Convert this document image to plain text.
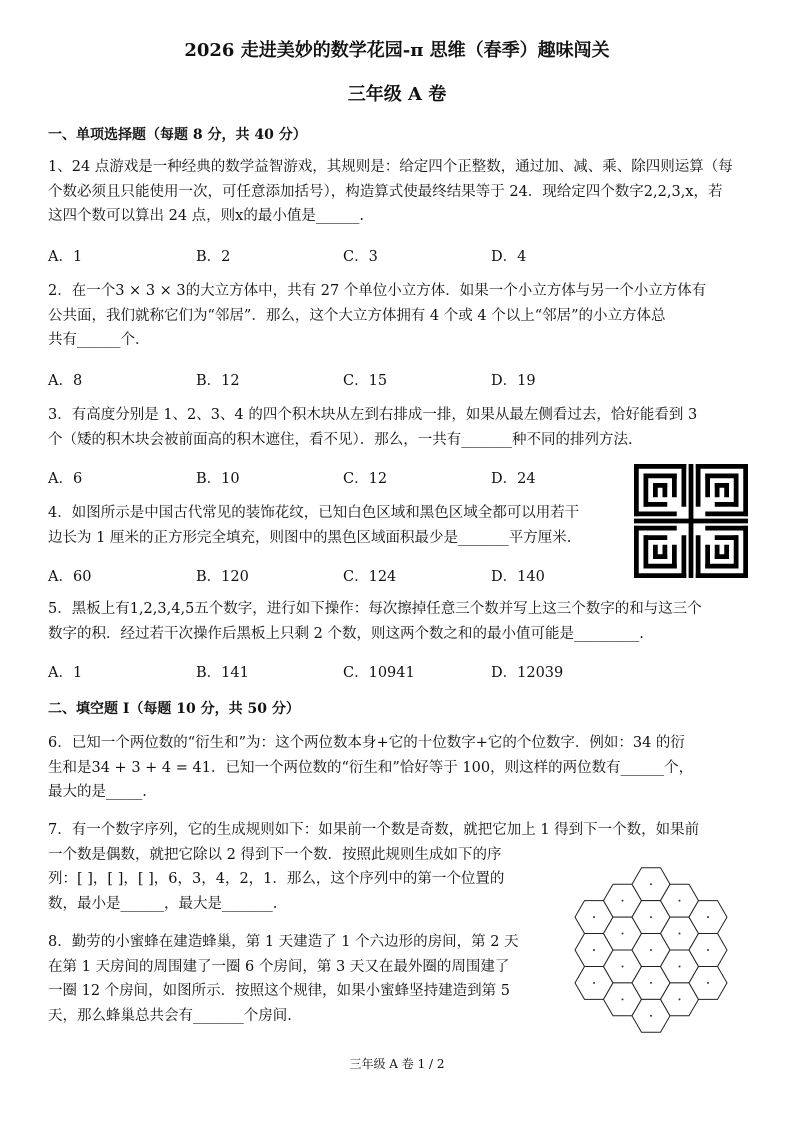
2026 走进美妙的数学花园-π 思维（春季）趣味闯关
三年级 A 卷
一、单项选择题（每题 8 分，共 40 分）
1、24 点游戏是一种经典的数学益智游戏，其规则是：给定四个正整数，通过加、减、乘、除四则运算（每
个数必须且只能使用一次，可任意添加括号），构造算式使最终结果等于 24．现给定四个数字2,2,3,x，若
这四个数可以算出 24 点，则x的最小值是______.
A．1	B．2	C．3	D．4
2．在一个3 × 3 × 3的大立方体中，共有 27 个单位小立方体．如果一个小立方体与另一个小立方体有
公共面，我们就称它们为“邻居”．那么，这个大立方体拥有 4 个或 4 个以上“邻居”的小立方体总
共有______个．
A．8	B．12	C．15	D．19
3．有高度分别是 1、2、3、4 的四个积木块从左到右排成一排，如果从最左侧看过去，恰好能看到 3
个（矮的积木块会被前面高的积木遮住，看不见）．那么，一共有_______种不同的排列方法.
A．6	B．10	C．12	D．24
4．如图所示是中国古代常见的装饰花纹，已知白色区域和黑色区域全都可以用若干
边长为 1 厘米的正方形完全填充，则图中的黑色区域面积最少是_______平方厘米.
A．60	B．120	C．124	D．140
5．黑板上有1,2,3,4,5五个数字，进行如下操作：每次擦掉任意三个数并写上这三个数字的和与这三个
数字的积．经过若干次操作后黑板上只剩 2 个数，则这两个数之和的最小值可能是_________.
A．1	B．141	C．10941	D．12039
二、填空题 I（每题 10 分，共 50 分）
6．已知一个两位数的“衍生和”为：这个两位数本身+它的十位数字+它的个位数字．例如：34 的衍
生和是34 + 3 + 4 = 41．已知一个两位数的“衍生和”恰好等于 100，则这样的两位数有______个，
最大的是_____.
7．有一个数字序列，它的生成规则如下：如果前一个数是奇数，就把它加上 1 得到下一个数，如果前
一个数是偶数，就把它除以 2 得到下一个数．按照此规则生成如下的序
列：[ ]，[ ]，[ ]，6，3，4，2，1．那么，这个序列中的第一个位置的
数，最小是______，最大是_______.
8．勤劳的小蜜蜂在建造蜂巢，第 1 天建造了 1 个六边形的房间，第 2 天
在第 1 天房间的周围建了一圈 6 个房间，第 3 天又在最外圈的周围建了
一圈 12 个房间，如图所示．按照这个规律，如果小蜜蜂坚持建造到第 5
天，那么蜂巢总共会有_______个房间.
三年级 A 卷 1 / 2
